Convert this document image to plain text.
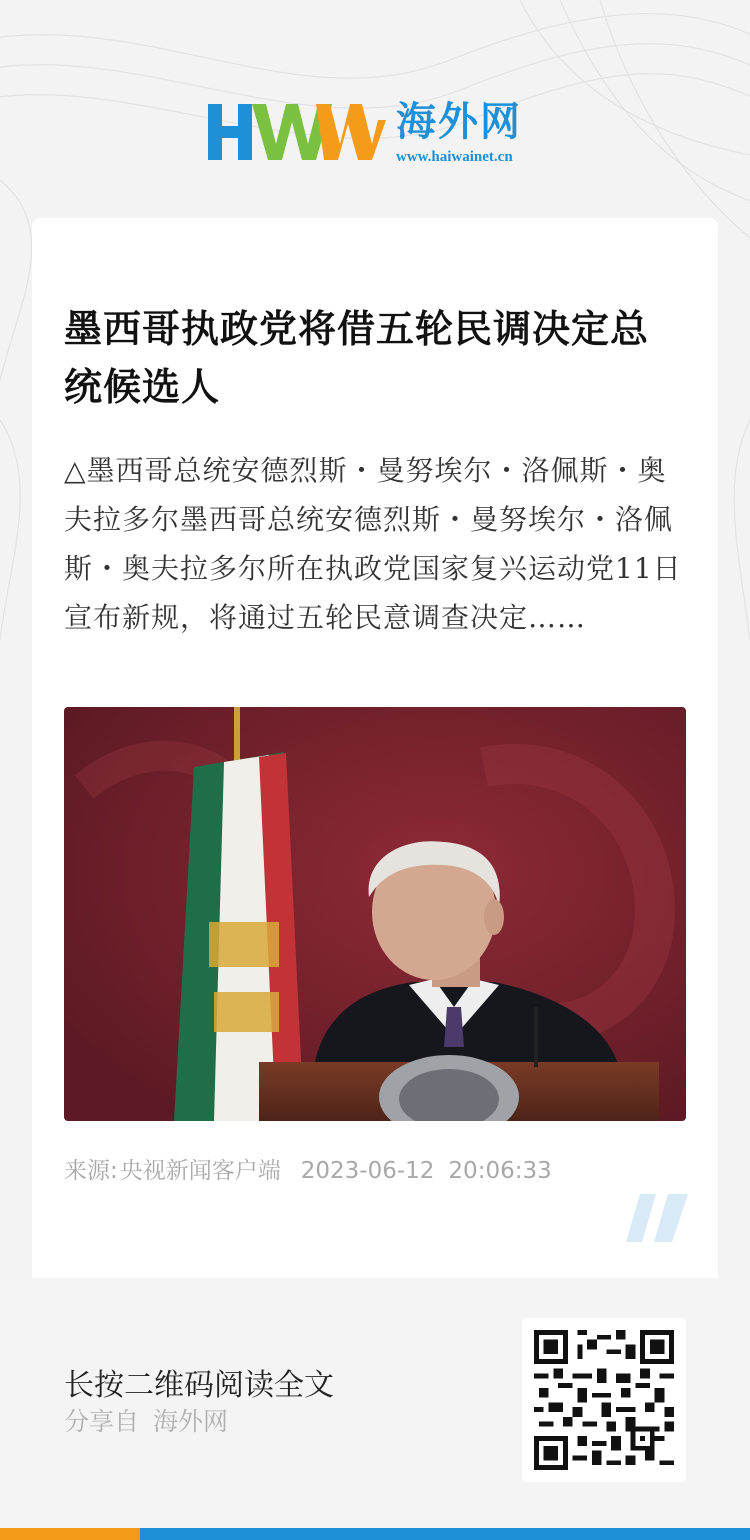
海外网
www.haiwainet.cn
墨西哥执政党将借五轮民调决定总统候选人

△墨西哥总统安德烈斯・曼努埃尔・洛佩斯・奥夫拉多尔墨西哥总统安德烈斯・曼努埃尔・洛佩斯・奥夫拉多尔所在执政党国家复兴运动党11日宣布新规，将通过五轮民意调查决定……

来源: 央视新闻客户端 2023-06-12 20:06:33
长按二维码阅读全文
分享自 海外网
